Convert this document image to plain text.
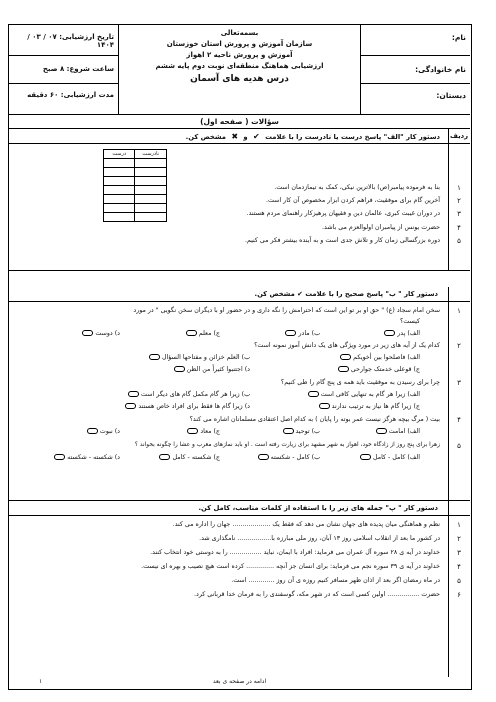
نام:
نام خانوادگی:
دبستان:
بسمه‌تعالی
سازمان آموزش و پرورش استان خوزستان
آموزش و پرورش ناحیه ۲ اهواز
ارزشیابی هماهنگ منطقه‌ای نوبت دوم پایه ششم
درس هدیه های آسمان
تاریخ ارزشیابی: ۰۷ / ۰۳ / ۱۴۰۴
ساعت شروع: ۸ صبح
مدت ارزشیابی: ۶۰ دقیقه
سؤالات ( صفحه اول)
ردیف
دستور کار "الف" پاسخ درست یا نادرست را با علامت ✔ و ✖ مشخص کن.
نادرست	درست

۱
بنا به فرموده پیامبر(ص) بالاترین نیکی، کمک به تیمازدمان است.
۲
آخرین گام برای موفقیت، فراهم کردن ابزار مخصوص آن کار است.
۳
در دوران غیبت کبری، عالمان دین و فقیهان پرهیزکار راهنمای مردم هستند.
۴
حضرت یونس از پیامبران اولوالعزم می باشد.
۵
دوره بزرگسالی زمان کار و تلاش جدی است و به آینده بیشتر فکر می کنیم.
دستور کار " ب" پاسخ صحیح را با علامت ✔ مشخص کن.
۱
سخن امام سجاد (ع) " حق او بر تو این است که احترامش را نگه داری و در حضور او با دیگران سخن نگویی " در مورد
کیست؟
الف) پدر
ب) مادر
ج) معلم
د) دوست
۲
کدام یک از آیه های زیر در مورد ویژگی های یک دانش آموز نمونه است؟
الف) فاصلحوا بین أخویکم
ب) العلم خزائن و مفتاحها السؤال
ج) قوعلی خدمتک جوارحی
د) اجتنبوا کثیراً من الظن
۳
چرا برای رسیدن به موفقیت باید همه ی پنج گام را طی کنیم؟
الف) زیرا هر گام به تنهایی کافی است
ب) زیرا هر گام مکمل گام های دیگر است
ج) زیرا گام ها نیاز به ترتیب ندارند
د) زیرا گام ها فقط برای افراد خاص هستند
۴
بیت ( مرگ بیچه هرگز نیست عمر بوته را پایان ) به کدام اصل اعتقادی مسلمانان اشاره می کند؟
الف) امامت
ب) توحید
ج) معاد
د) نبوت
۵
زهرا برای پنج روز از زادگاه خود، اهواز به شهر مشهد برای زیارت رفته است . او باید نمازهای مغرب و عشا را چگونه بخواند ؟
الف) کامل - کامل
ب) کامل - شکسته
ج) شکسته - کامل
د) شکسته - شکسته
دستور کار " پ" جمله های زیر را با استفاده از کلمات مناسب، کامل کن.
۱
نظم و هماهنگی میان پدیده های جهان نشان می دهد که فقط یک ................... جهان را اداره می کند.
۲
در کشور ما بعد از انقلاب اسلامی روز ۱۳ آبان، روز ملی مبارزه با................. نامگذاری شد.
۳
خداوند در آیه ی ۲۸ سوره آل عمران می فرماید: افراد با ایمان، نباید ................ را به دوستی خود انتخاب کنند.
۴
خداوند در آیه ی ۳۹ سوره نجم می فرماید: برای انسان جز آنچه .............. کرده است هیچ نصیب و بهره ای نیست.
۵
در ماه رمضان اگر بعد از اذان ظهر مسافر کنیم روزه ی آن روز ............. است.
۶
حضرت ................ اولین کسی است که در شهر مکه، گوسفندی را به فرمان خدا قربانی کرد.
ادامه در صفحه ی بعد
۱
